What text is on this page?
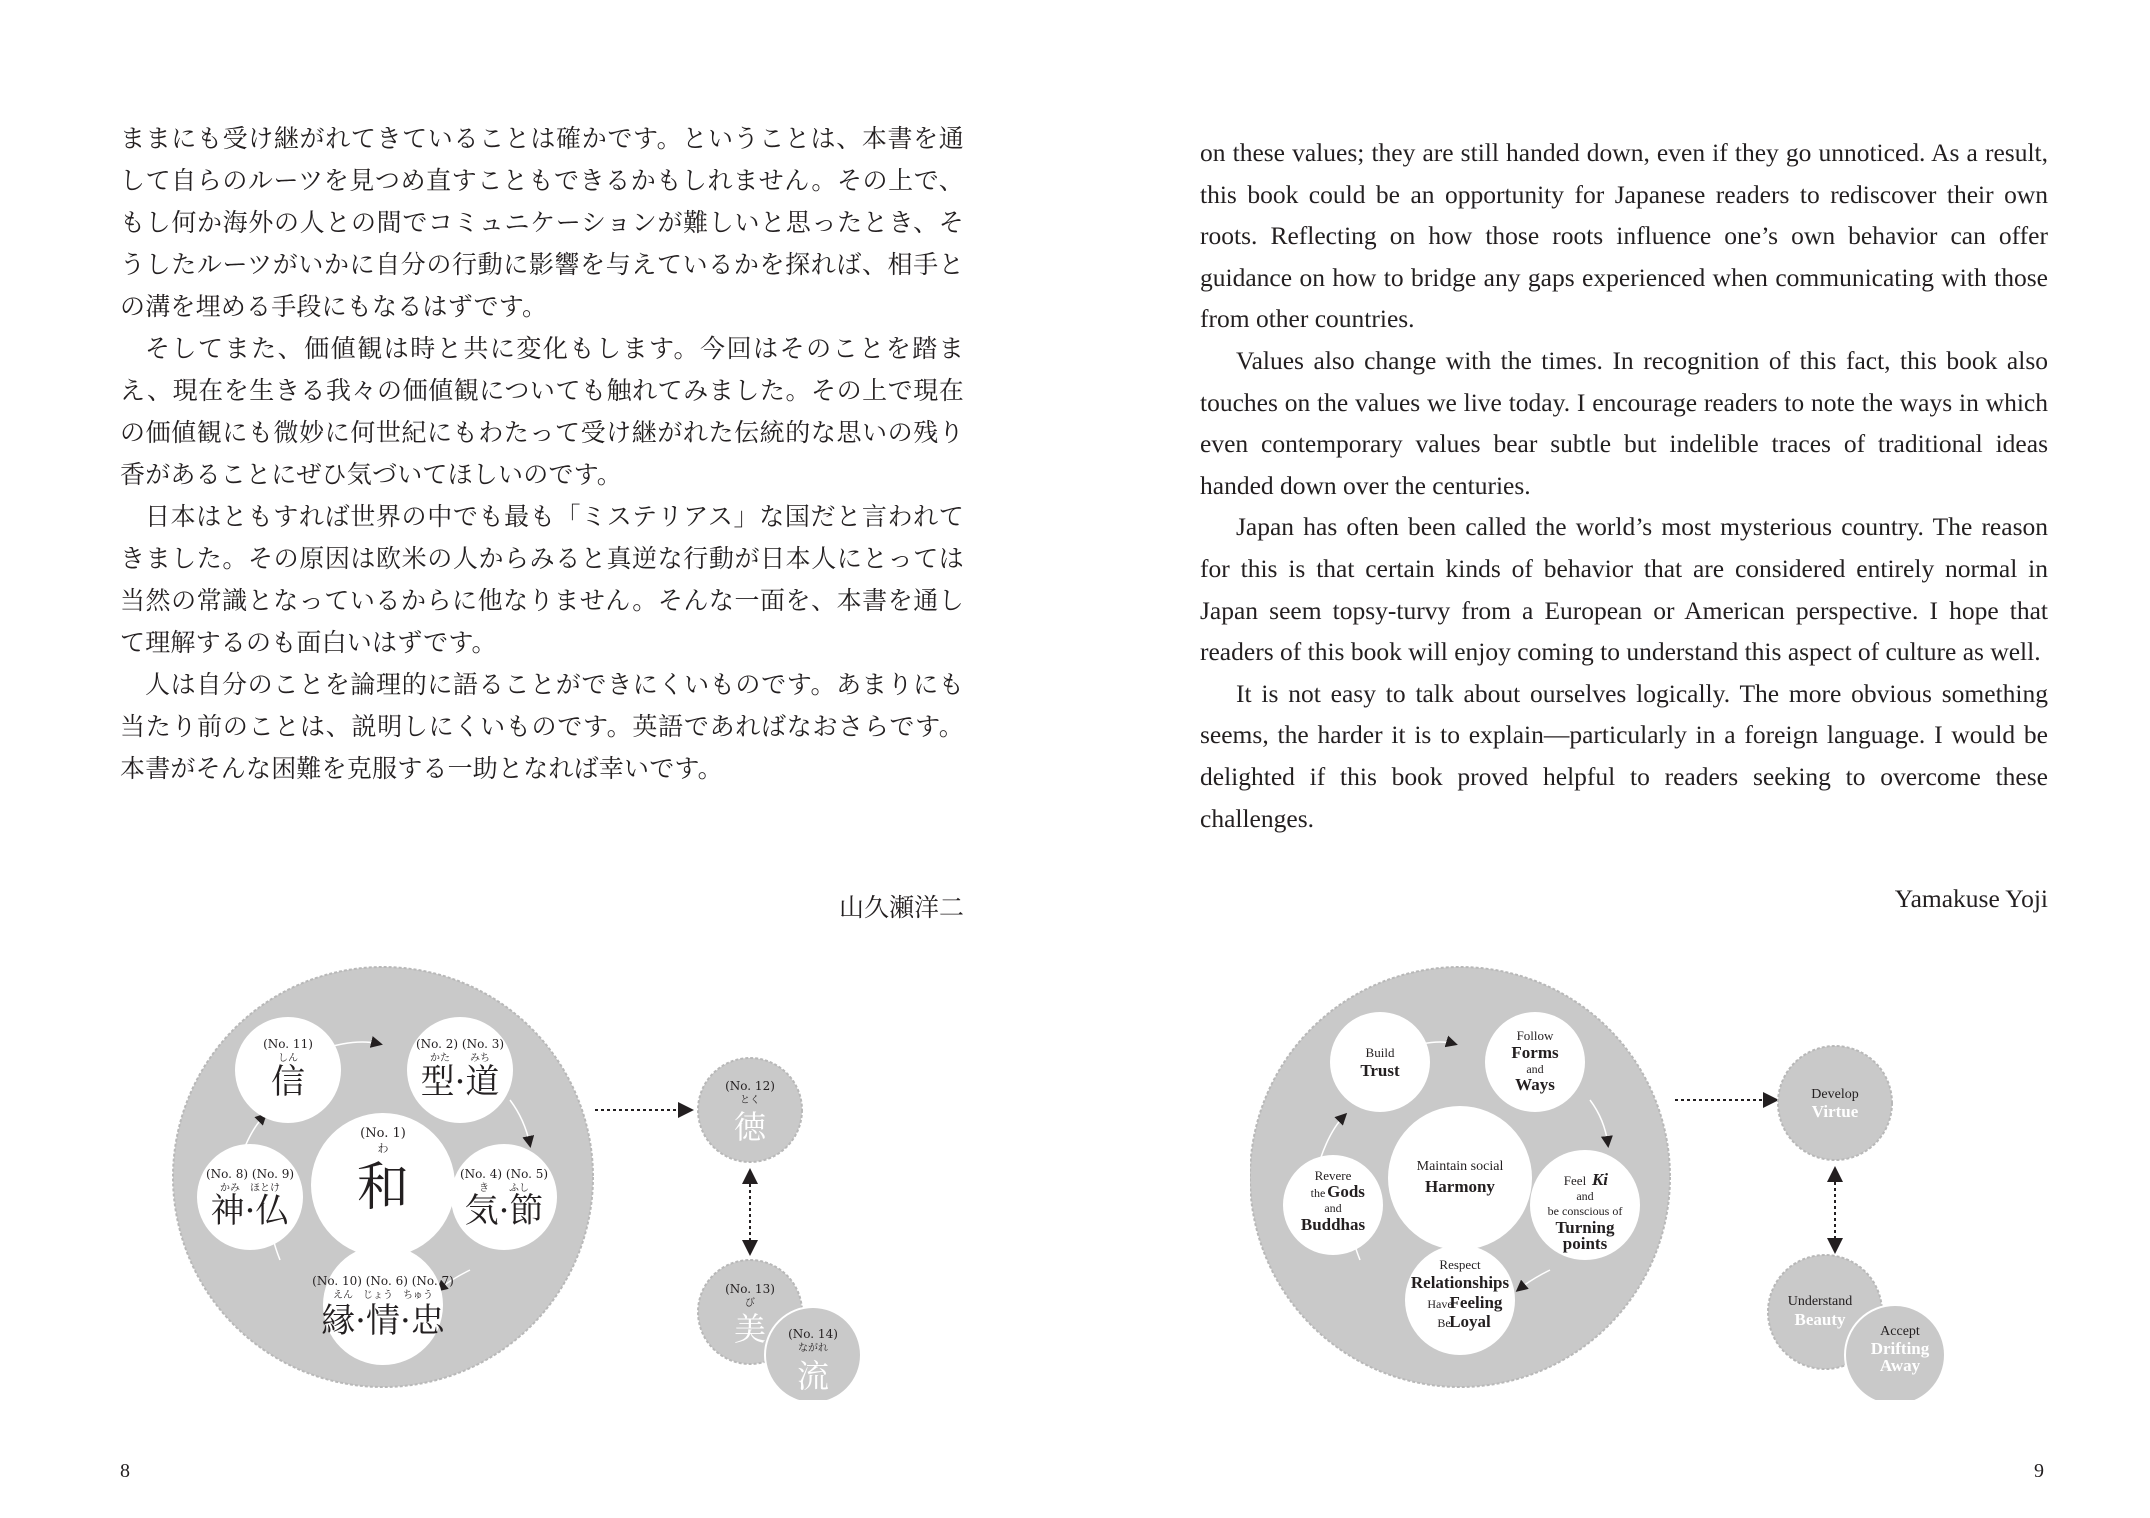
ままにも受け継がれてきていることは確かです。ということは、本書を通して自らのルーツを見つめ直すこともできるかもしれません。その上で、もし何か海外の人との間でコミュニケーションが難しいと思ったとき、そうしたルーツがいかに自分の行動に影響を与えているかを探れば、相手との溝を埋める手段にもなるはずです。

そしてまた、価値観は時と共に変化もします。今回はそのことを踏まえ、現在を生きる我々の価値観についても触れてみました。その上で現在の価値観にも微妙に何世紀にもわたって受け継がれた伝統的な思いの残り香があることにぜひ気づいてほしいのです。

日本はともすれば世界の中でも最も「ミステリアス」な国だと言われてきました。その原因は欧米の人からみると真逆な行動が日本人にとっては当然の常識となっているからに他なりません。そんな一面を、本書を通して理解するのも面白いはずです。

人は自分のことを論理的に語ることができにくいものです。あまりにも当たり前のことは、説明しにくいものです。英語であればなおさらです。本書がそんな困難を克服する一助となれば幸いです。

山久瀬洋二

on these values; they are still handed down, even if they go unnoticed. As a result, this book could be an opportunity for Japanese readers to rediscover their own roots. Reflecting on how those roots influence one’s own behavior can offer guidance on how to bridge any gaps experienced when communicating with those from other countries.

Values also change with the times. In recognition of this fact, this book also touches on the values we live today. I encourage readers to note the ways in which even contemporary values bear subtle but indelible traces of traditional ideas handed down over the centuries.

Japan has often been called the world’s most mysterious country. The reason for this is that certain kinds of behavior that are considered entirely normal in Japan seem topsy-turvy from a European or American perspective. I hope that readers of this book will enjoy coming to understand this aspect of culture as well.

It is not easy to talk about ourselves logically. The more obvious something seems, the harder it is to explain—particularly in a foreign language. I would be delighted if this book proved helpful to readers seeking to overcome these challenges.

Yamakuse Yoji
(No. 1)
わ
和
(No. 11)
しん
信
(No. 2) (No. 3)
かた　　みち
型·道
(No. 4) (No. 5)
き　　ふし
気·節
(No. 10) (No. 6) (No. 7)
えん　じょう　ちゅう
縁·情·忠
(No. 8) (No. 9)
かみ　ほとけ
神·仏
(No. 12)
とく
徳
(No. 13)
び
美 (No. 14)
ながれ
流
Maintain social
Harmony
Build
Trust
Follow
Forms
and
Ways
Feel Ki
and
be conscious of
Turning
points
Respect
Relationships
Have
Feeling
Be
Loyal
Revere
the Gods
and
Buddhas
Develop
Virtue
Understand
Beauty
Accept
Drifting
Away
8	9
